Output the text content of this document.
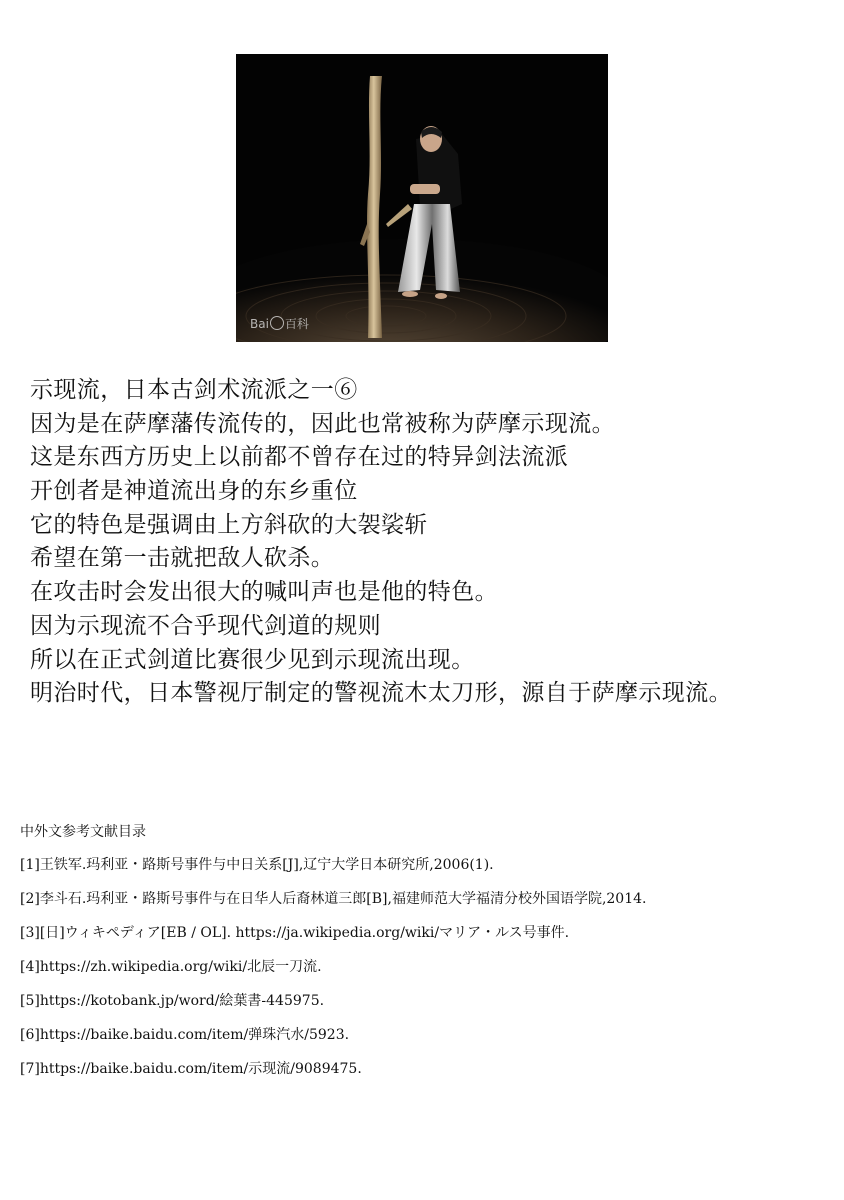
Bai 百科
示现流，日本古剑术流派之一⑥
因为是在萨摩藩传流传的，因此也常被称为萨摩示现流。
这是东西方历史上以前都不曾存在过的特异剑法流派
开创者是神道流出身的东乡重位
它的特色是强调由上方斜砍的大袈裟斩
希望在第一击就把敌人砍杀。
在攻击时会发出很大的喊叫声也是他的特色。
因为示现流不合乎现代剑道的规则
所以在正式剑道比赛很少见到示现流出现。
明治时代，日本警视厅制定的警视流木太刀形，源自于萨摩示现流。
中外文参考文献目录
[1]王铁军.玛利亚・路斯号事件与中日关系[J],辽宁大学日本研究所,2006(1).
[2]李斗石.玛利亚・路斯号事件与在日华人后裔林道三郎[B],福建师范大学福清分校外国语学院,2014.
[3][日]ウィキペディア[EB / OL]. https://ja.wikipedia.org/wiki/マリア・ルス号事件.
[4]https://zh.wikipedia.org/wiki/北辰一刀流.
[5]https://kotobank.jp/word/絵葉書-445975.
[6]https://baike.baidu.com/item/弹珠汽水/5923.
[7]https://baike.baidu.com/item/示现流/9089475.
